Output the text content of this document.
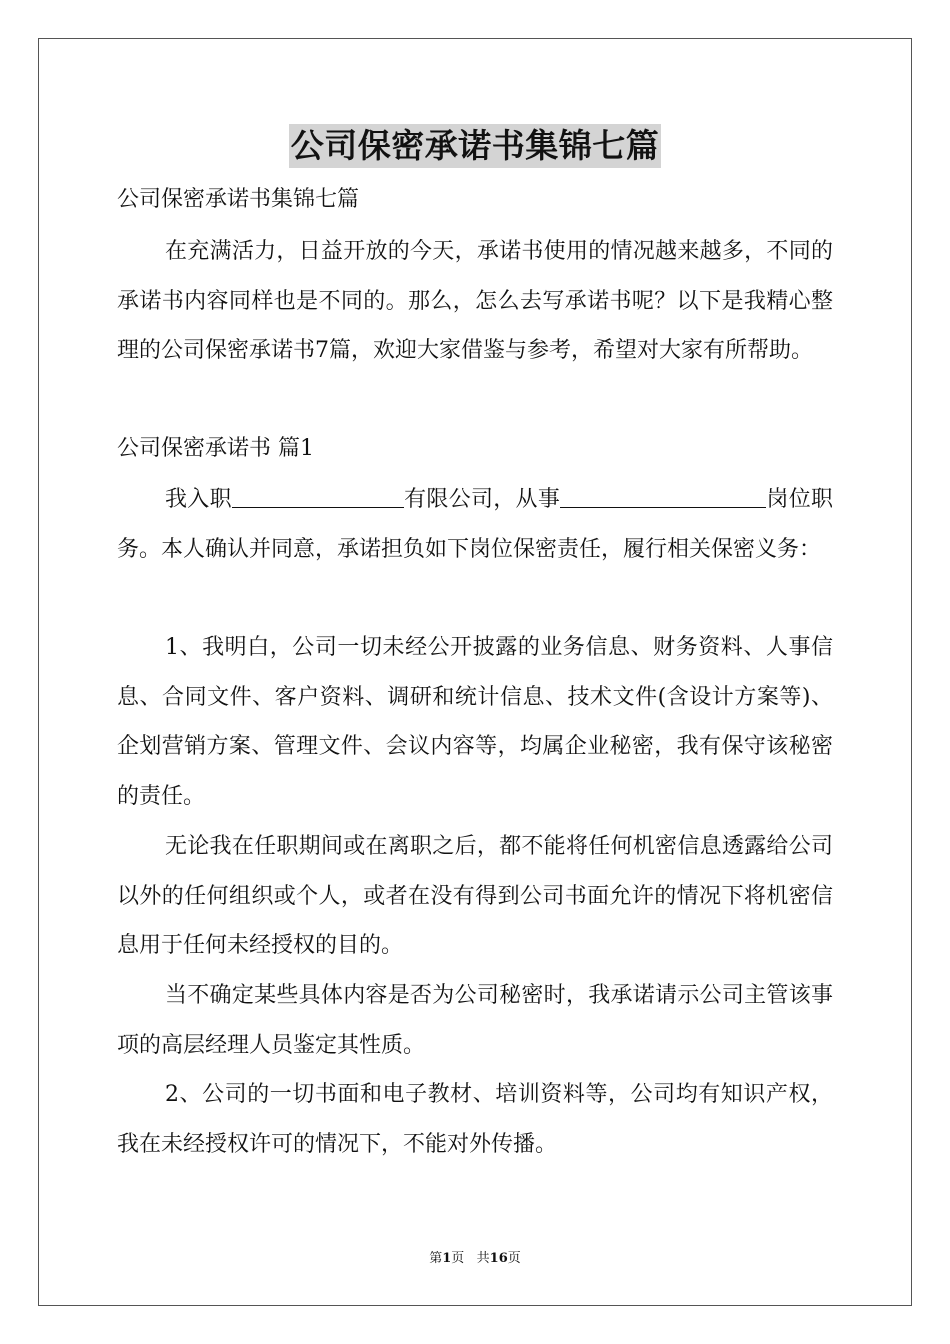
公司保密承诺书集锦七篇
公司保密承诺书集锦七篇
在充满活力，日益开放的今天，承诺书使用的情况越来越多，不同的承诺书内容同样也是不同的。那么，怎么去写承诺书呢？以下是我精心整理的公司保密承诺书7篇，欢迎大家借鉴与参考，希望对大家有所帮助。
公司保密承诺书 篇1
我入职	有限公司，从事	岗位职务。本人确认并同意，承诺担负如下岗位保密责任，履行相关保密义务：
1、我明白，公司一切未经公开披露的业务信息、财务资料、人事信息、合同文件、客户资料、调研和统计信息、技术文件(含设计方案等)、企划营销方案、管理文件、会议内容等，均属企业秘密，我有保守该秘密的责任。
无论我在任职期间或在离职之后，都不能将任何机密信息透露给公司以外的任何组织或个人，或者在没有得到公司书面允许的情况下将机密信息用于任何未经授权的目的。
当不确定某些具体内容是否为公司秘密时，我承诺请示公司主管该事项的高层经理人员鉴定其性质。
2、公司的一切书面和电子教材、培训资料等，公司均有知识产权，我在未经授权许可的情况下，不能对外传播。
第1页   共16页
